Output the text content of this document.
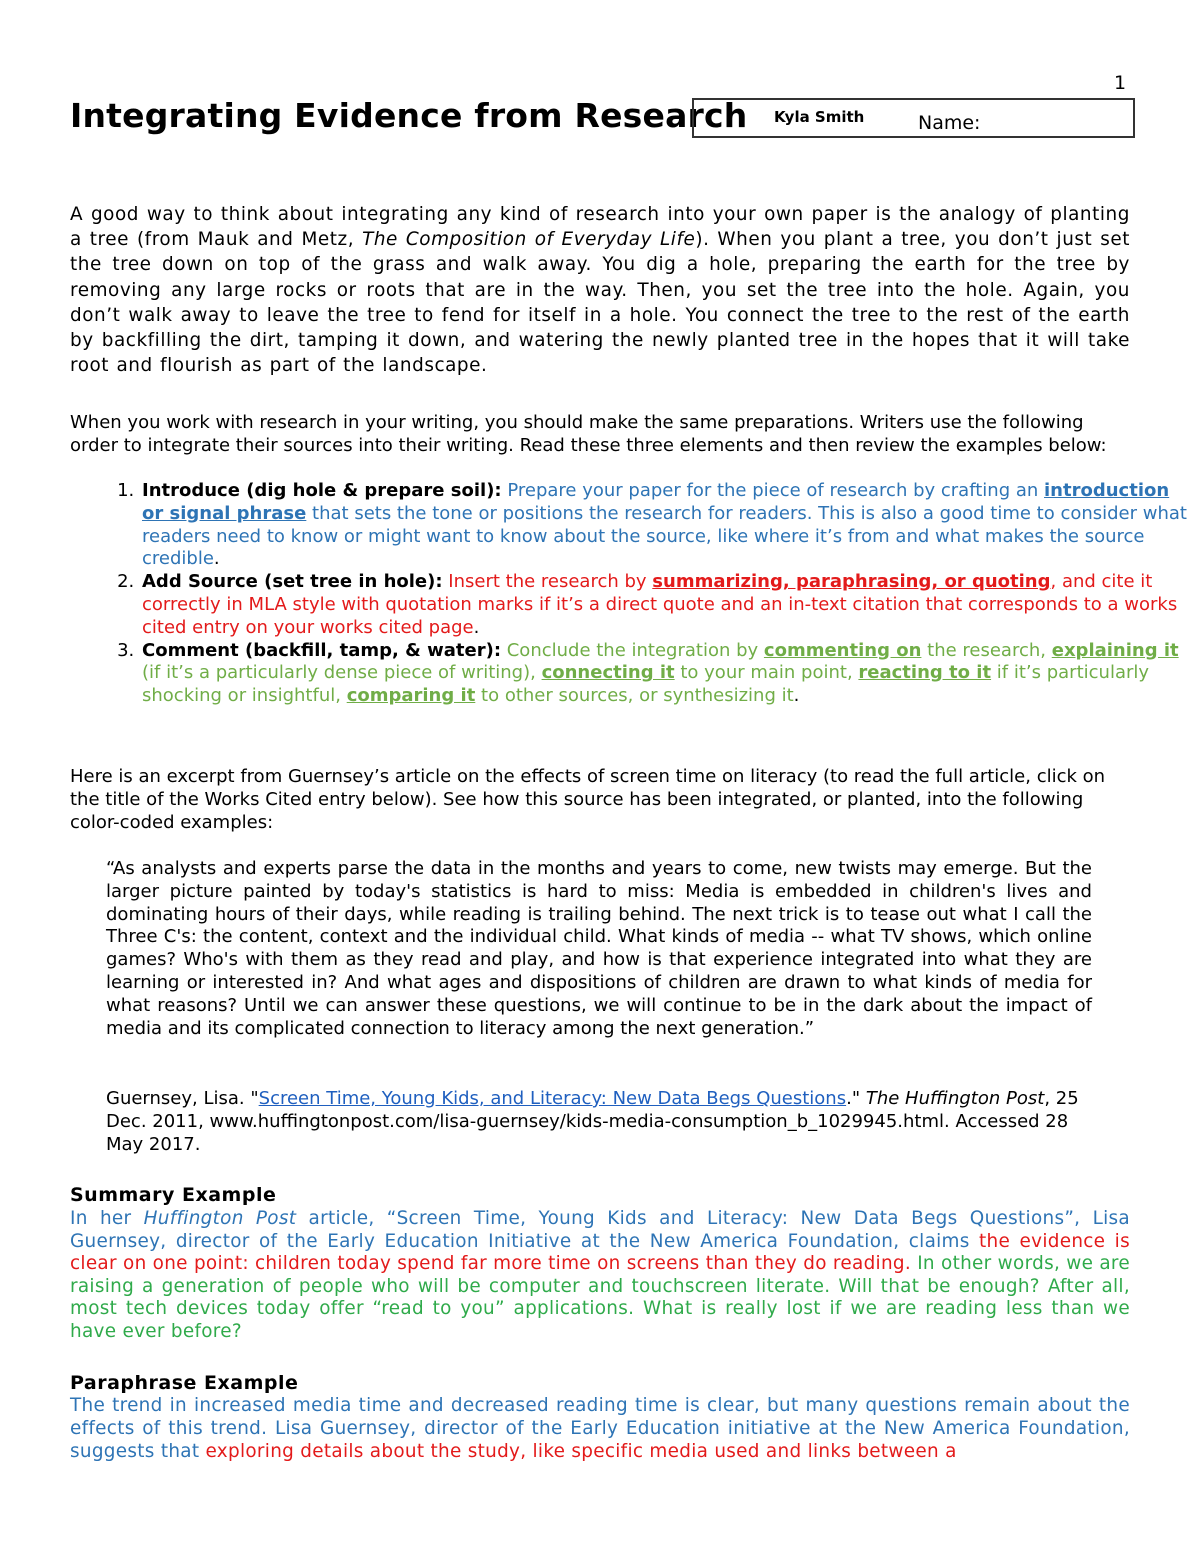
1
Integrating Evidence from Research Kyla Smith	Name:
A good way to think about integrating any kind of research into your own paper is the analogy of planting a tree (from Mauk and Metz, The Composition of Everyday Life). When you plant a tree, you don’t just set the tree down on top of the grass and walk away. You dig a hole, preparing the earth for the tree by removing any large rocks or roots that are in the way. Then, you set the tree into the hole. Again, you don’t walk away to leave the tree to fend for itself in a hole. You connect the tree to the rest of the earth by backfilling the dirt, tamping it down, and watering the newly planted tree in the hopes that it will take root and flourish as part of the landscape.
When you work with research in your writing, you should make the same preparations. Writers use the following order to integrate their sources into their writing. Read these three elements and then review the examples below:
1. Introduce (dig hole & prepare soil): Prepare your paper for the piece of research by crafting an introduction or signal phrase that sets the tone or positions the research for readers. This is also a good time to consider what readers need to know or might want to know about the source, like where it’s from and what makes the source credible.
2. Add Source (set tree in hole): Insert the research by summarizing, paraphrasing, or quoting, and cite it correctly in MLA style with quotation marks if it’s a direct quote and an in-text citation that corresponds to a works cited entry on your works cited page.
3. Comment (backfill, tamp, & water): Conclude the integration by commenting on the research, explaining it (if it’s a particularly dense piece of writing), connecting it to your main point, reacting to it if it’s particularly shocking or insightful, comparing it to other sources, or synthesizing it.
Here is an excerpt from Guernsey’s article on the effects of screen time on literacy (to read the full article, click on the title of the Works Cited entry below). See how this source has been integrated, or planted, into the following color-coded examples:
“As analysts and experts parse the data in the months and years to come, new twists may emerge. But the larger picture painted by today's statistics is hard to miss: Media is embedded in children's lives and dominating hours of their days, while reading is trailing behind. The next trick is to tease out what I call the Three C's: the content, context and the individual child. What kinds of media -- what TV shows, which online games? Who's with them as they read and play, and how is that experience integrated into what they are learning or interested in? And what ages and dispositions of children are drawn to what kinds of media for what reasons? Until we can answer these questions, we will continue to be in the dark about the impact of media and its complicated connection to literacy among the next generation.”
Guernsey, Lisa. "Screen Time, Young Kids, and Literacy: New Data Begs Questions." The Huffington Post, 25 Dec. 2011, www.huffingtonpost.com/lisa-guernsey/kids-media-consumption_b_1029945.html. Accessed 28 May 2017.
Summary Example
In her Huffington Post article, “Screen Time, Young Kids and Literacy: New Data Begs Questions”, Lisa Guernsey, director of the Early Education Initiative at the New America Foundation, claims the evidence is clear on one point: children today spend far more time on screens than they do reading. In other words, we are raising a generation of people who will be computer and touchscreen literate. Will that be enough? After all, most tech devices today offer “read to you” applications. What is really lost if we are reading less than we have ever before?
Paraphrase Example
The trend in increased media time and decreased reading time is clear, but many questions remain about the effects of this trend. Lisa Guernsey, director of the Early Education initiative at the New America Foundation, suggests that exploring details about the study, like specific media used and links between a
